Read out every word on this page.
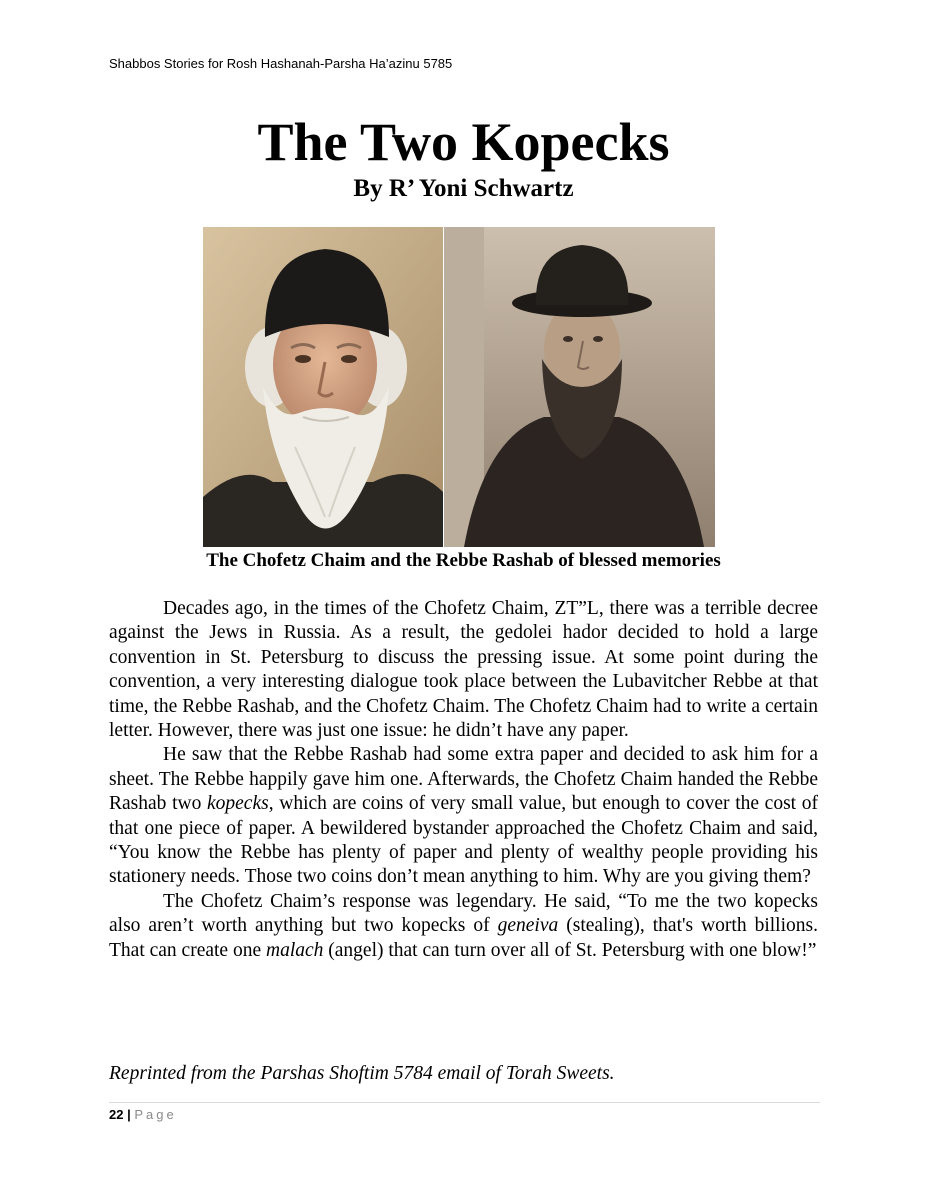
Shabbos Stories for Rosh Hashanah-Parsha Ha’azinu 5785
The Two Kopecks
By R’ Yoni Schwartz
The Chofetz Chaim and the Rebbe Rashab of blessed memories

Decades ago, in the times of the Chofetz Chaim, ZT”L, there was a terrible decree against the Jews in Russia. As a result, the gedolei hador decided to hold a large convention in St. Petersburg to discuss the pressing issue. At some point during the convention, a very interesting dialogue took place between the Lubavitcher Rebbe at that time, the Rebbe Rashab, and the Chofetz Chaim. The Chofetz Chaim had to write a certain letter. However, there was just one issue: he didn’t have any paper.

He saw that the Rebbe Rashab had some extra paper and decided to ask him for a sheet. The Rebbe happily gave him one. Afterwards, the Chofetz Chaim handed the Rebbe Rashab two kopecks, which are coins of very small value, but enough to cover the cost of that one piece of paper. A bewildered bystander approached the Chofetz Chaim and said, “You know the Rebbe has plenty of paper and plenty of wealthy people providing his stationery needs. Those two coins don’t mean anything to him. Why are you giving them?

The Chofetz Chaim’s response was legendary. He said, “To me the two kopecks also aren’t worth anything but two kopecks of geneiva (stealing), that's worth billions. That can create one malach (angel) that can turn over all of St. Petersburg with one blow!”

Reprinted from the Parshas Shoftim 5784 email of Torah Sweets.
22 | Page
